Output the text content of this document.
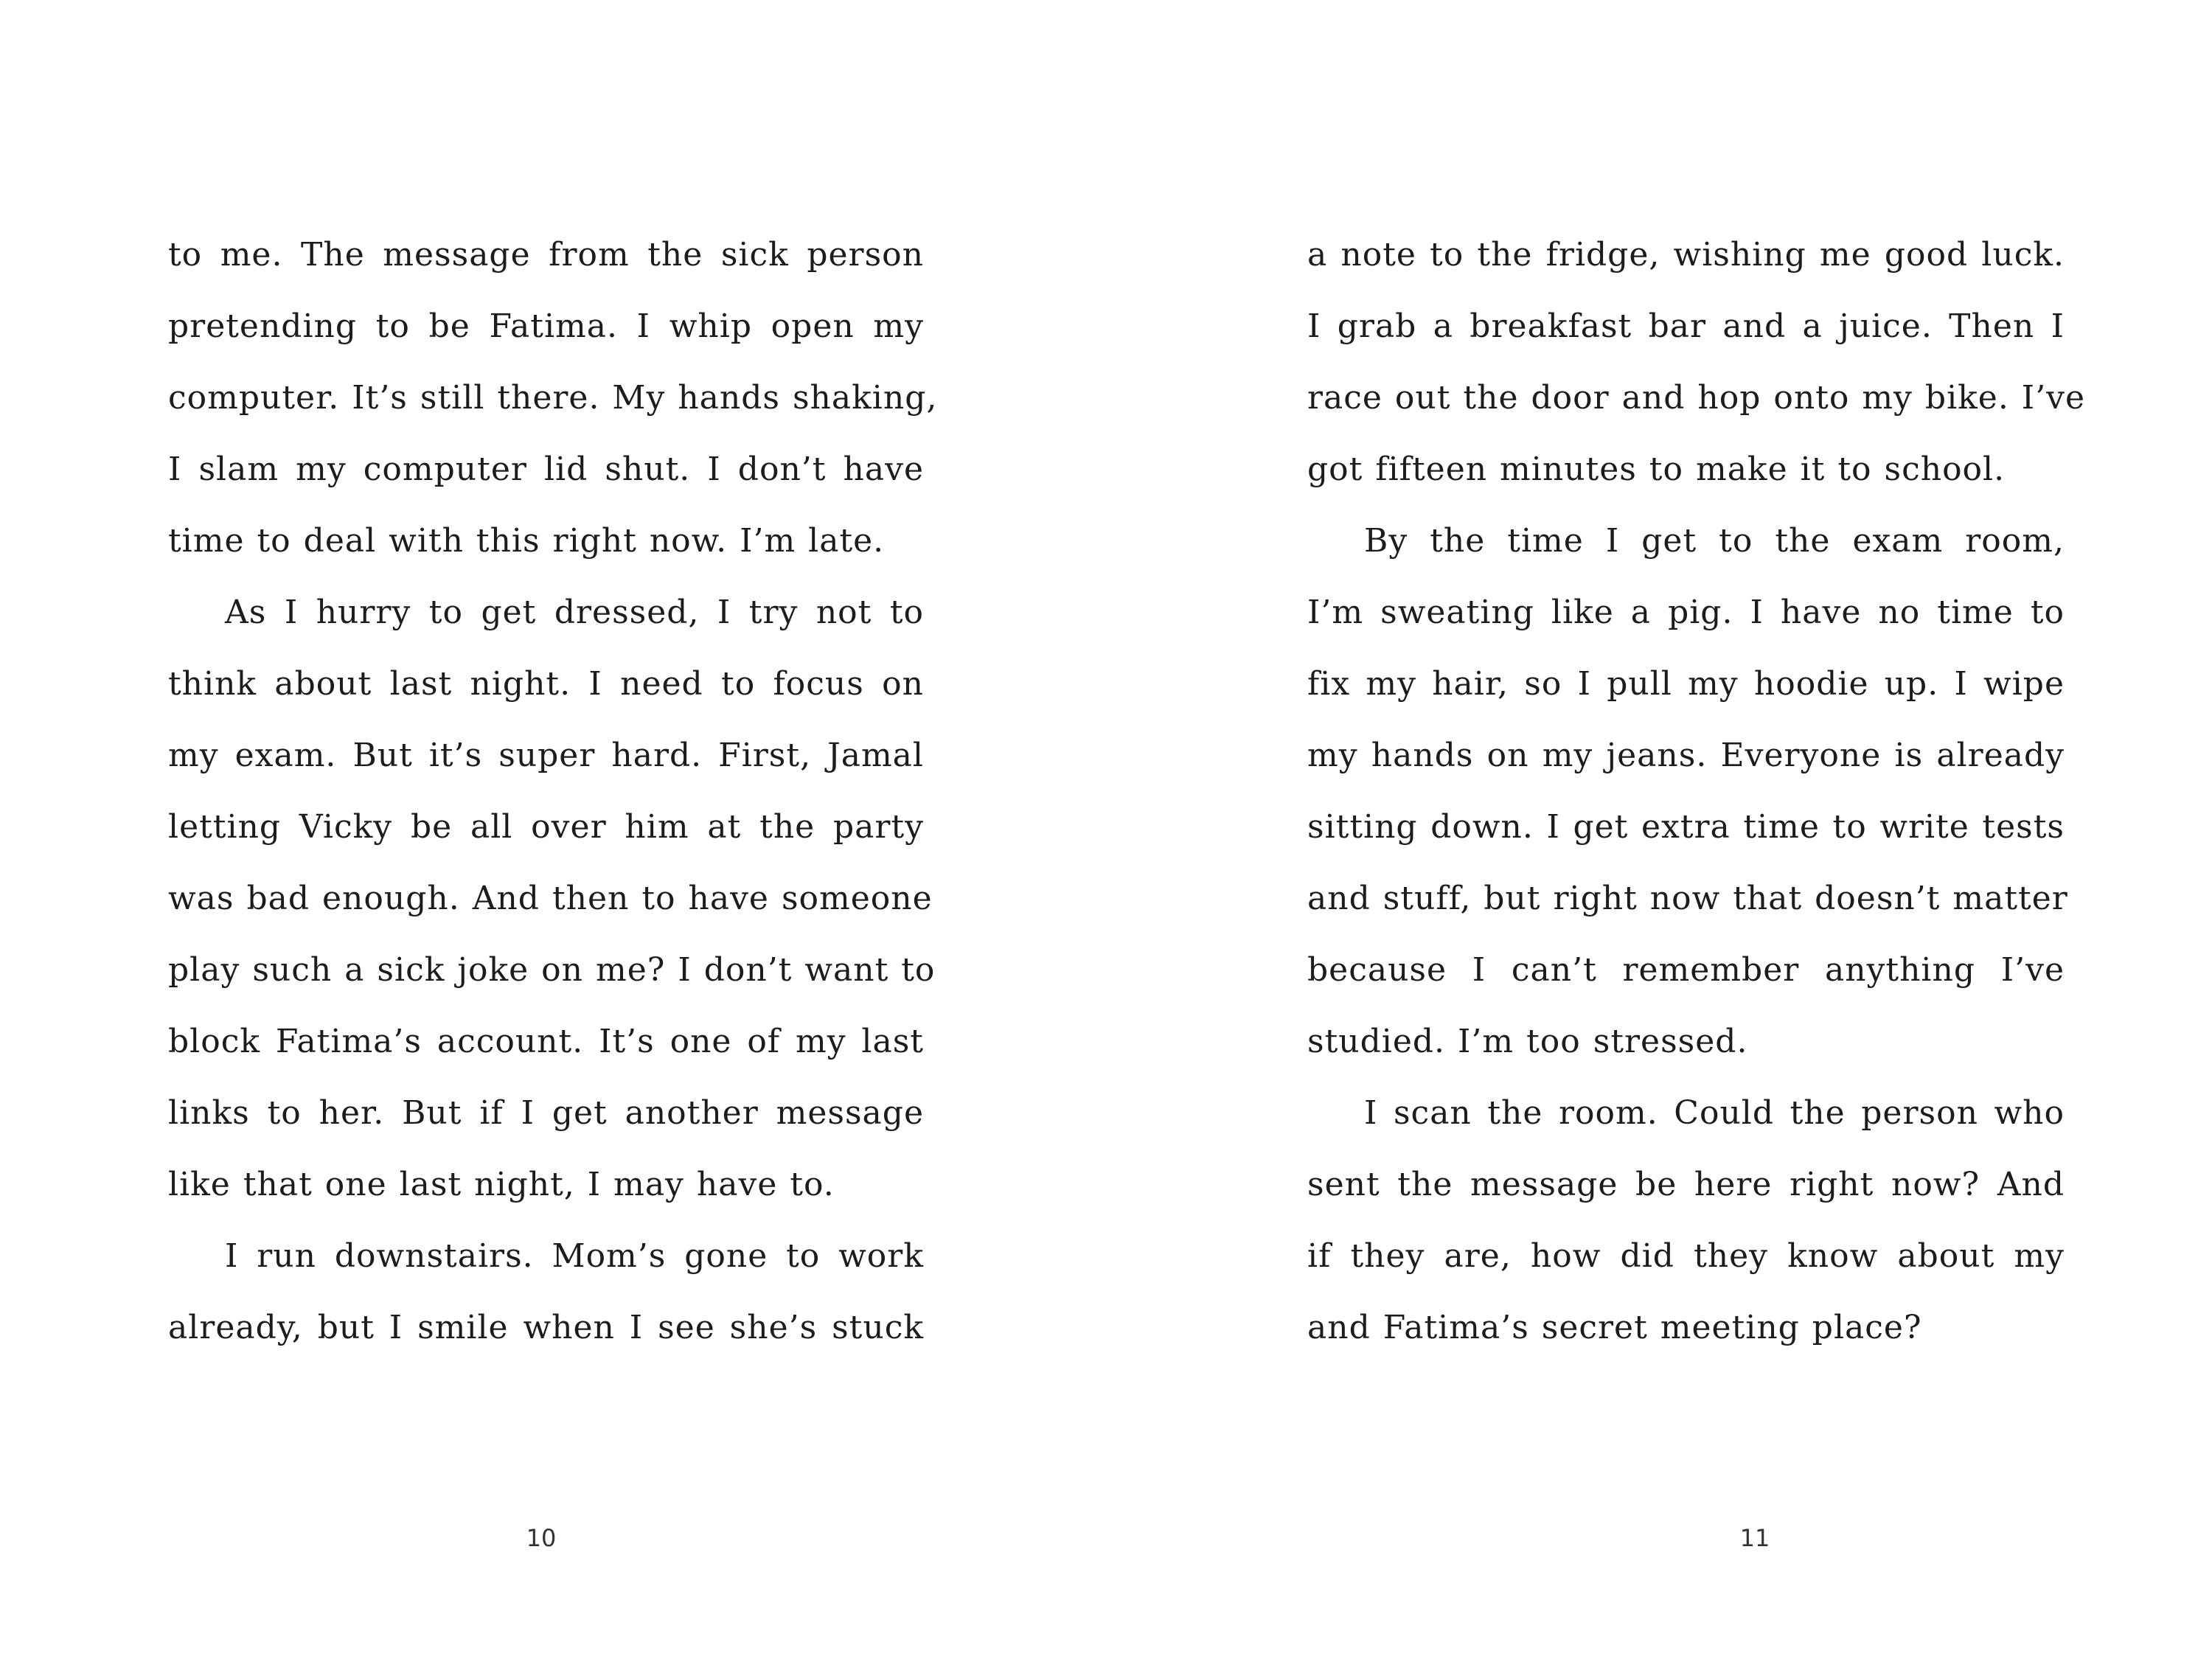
to me. The message from the sick person
pretending to be Fatima. I whip open my
computer. It’s still there. My hands shaking,
I slam my computer lid shut. I don’t have
time to deal with this right now. I’m late.
As I hurry to get dressed, I try not to
think about last night. I need to focus on
my exam. But it’s super hard. First, Jamal
letting Vicky be all over him at the party
was bad enough. And then to have someone
play such a sick joke on me? I don’t want to
block Fatima’s account. It’s one of my last
links to her. But if I get another message
like that one last night, I may have to.
I run downstairs. Mom’s gone to work
already, but I smile when I see she’s stuck
10
a note to the fridge, wishing me good luck.
I grab a breakfast bar and a juice. Then I
race out the door and hop onto my bike. I’ve
got fifteen minutes to make it to school.
By the time I get to the exam room,
I’m sweating like a pig. I have no time to
fix my hair, so I pull my hoodie up. I wipe
my hands on my jeans. Everyone is already
sitting down. I get extra time to write tests
and stuff, but right now that doesn’t matter
because I can’t remember anything I’ve
studied. I’m too stressed.
I scan the room. Could the person who
sent the message be here right now? And
if they are, how did they know about my
and Fatima’s secret meeting place?
11
